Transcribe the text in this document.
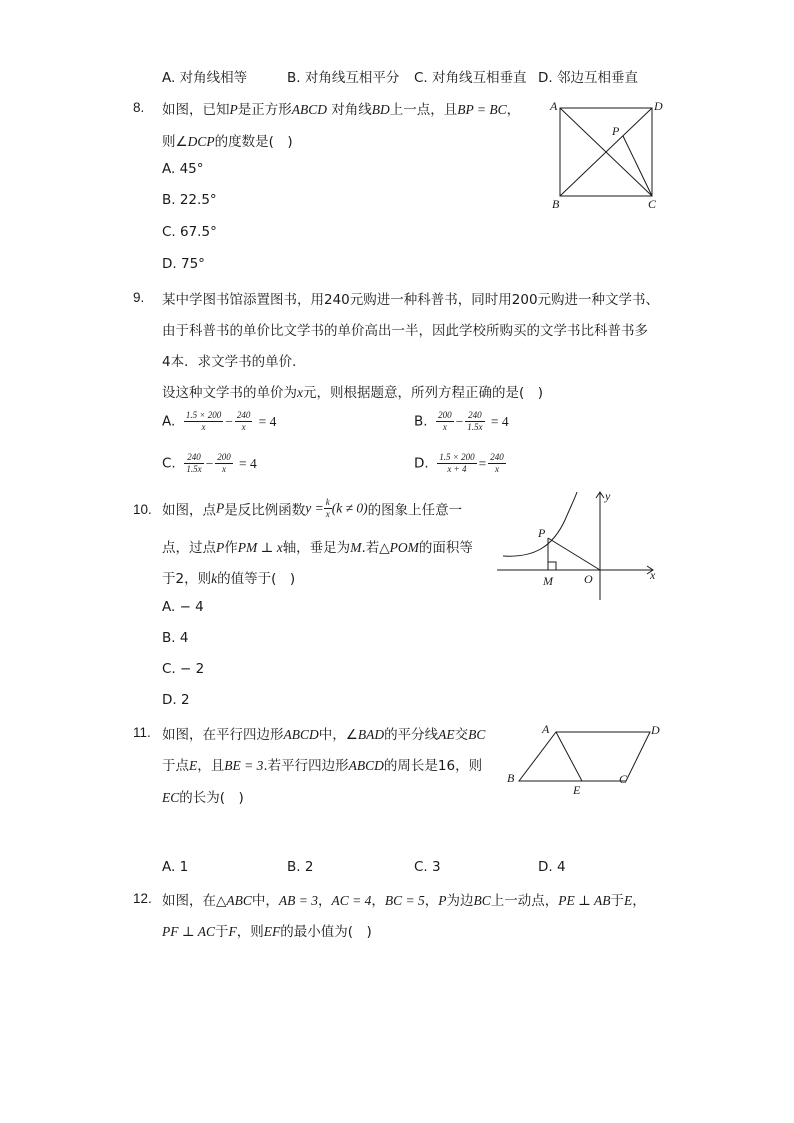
A. 对角线相等	B. 对角线互相平分 C. 对角线互相垂直 D. 邻边互相垂直
8. 如图，已知P是正方形ABCD 对角线BD上一点，且BP = BC，
则∠DCP的度数是(　)
A. 45°
B. 22.5°
C. 67.5°
D. 75°
A	D
P
B	C
9. 某中学图书馆添置图书，用240元购进一种科普书，同时用200元购进一种文学书、
由于科普书的单价比文学书的单价高出一半，因此学校所购买的文学书比科普书多
4本．求文学书的单价．
设这种文学书的单价为x元，则根据题意，所列方程正确的是(　)
A. $\frac{1.5 \times 200}{x} - \frac{240}{x} = 4$	B. $\frac{200}{x} - \frac{240}{1.5x} = 4$
C. $\frac{240}{1.5x} - \frac{200}{x} = 4$	D. $\frac{1.5 \times 200}{x + 4} = \frac{240}{x}$
10. 如图，点P是反比例函数$y = \frac{k}{x} (k \ne 0)$的图象上任意一
点，过点P作PM ⊥ x轴，垂足为M.若△POM的面积等
于2，则k的值等于(　)
A. − 4
B. 4
C. − 2
D. 2
y
P
M	O	x
11. 如图，在平行四边形ABCD中，∠BAD的平分线AE交BC
于点E，且BE = 3.若平行四边形ABCD的周长是16，则
EC的长为(　)
A. 1	B. 2	C. 3	D. 4
A	D
B
E
C
12. 如图，在△ABC中，AB = 3，AC = 4，BC = 5，P为边BC上一动点，PE ⊥ AB于E，
PF ⊥ AC于F，则EF的最小值为(　)
